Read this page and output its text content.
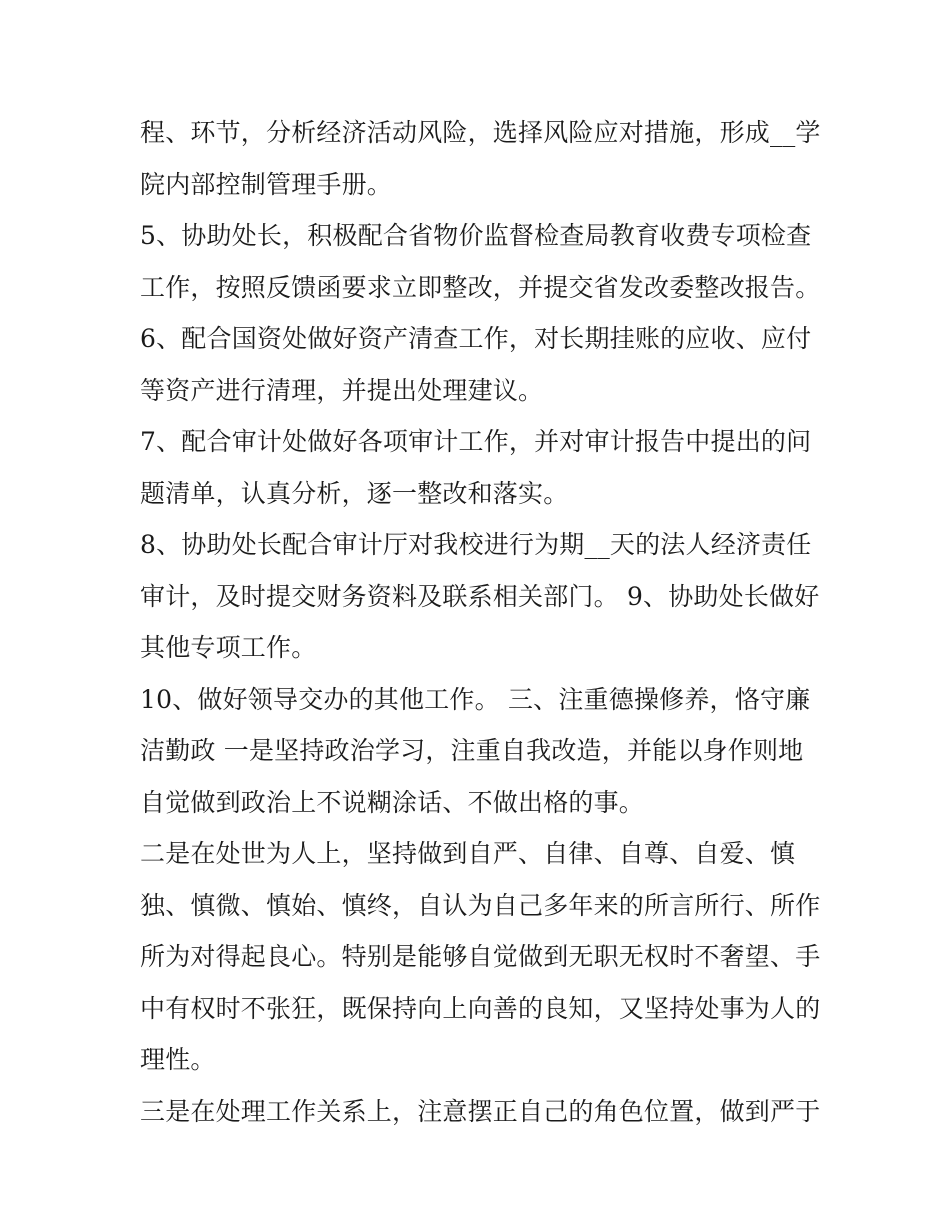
程、环节，分析经济活动风险，选择风险应对措施，形成__学
院内部控制管理手册。
5、协助处长，积极配合省物价监督检查局教育收费专项检查
工作，按照反馈函要求立即整改，并提交省发改委整改报告。
6、配合国资处做好资产清查工作，对长期挂账的应收、应付
等资产进行清理，并提出处理建议。
7、配合审计处做好各项审计工作，并对审计报告中提出的问
题清单，认真分析，逐一整改和落实。
8、协助处长配合审计厅对我校进行为期__天的法人经济责任
审计，及时提交财务资料及联系相关部门。 9、协助处长做好
其他专项工作。
10、做好领导交办的其他工作。 三、注重德操修养，恪守廉
洁勤政 一是坚持政治学习，注重自我改造，并能以身作则地
自觉做到政治上不说糊涂话、不做出格的事。
二是在处世为人上，坚持做到自严、自律、自尊、自爱、慎
独、慎微、慎始、慎终，自认为自己多年来的所言所行、所作
所为对得起良心。特别是能够自觉做到无职无权时不奢望、手
中有权时不张狂，既保持向上向善的良知，又坚持处事为人的
理性。
三是在处理工作关系上，注意摆正自己的角色位置，做到严于
